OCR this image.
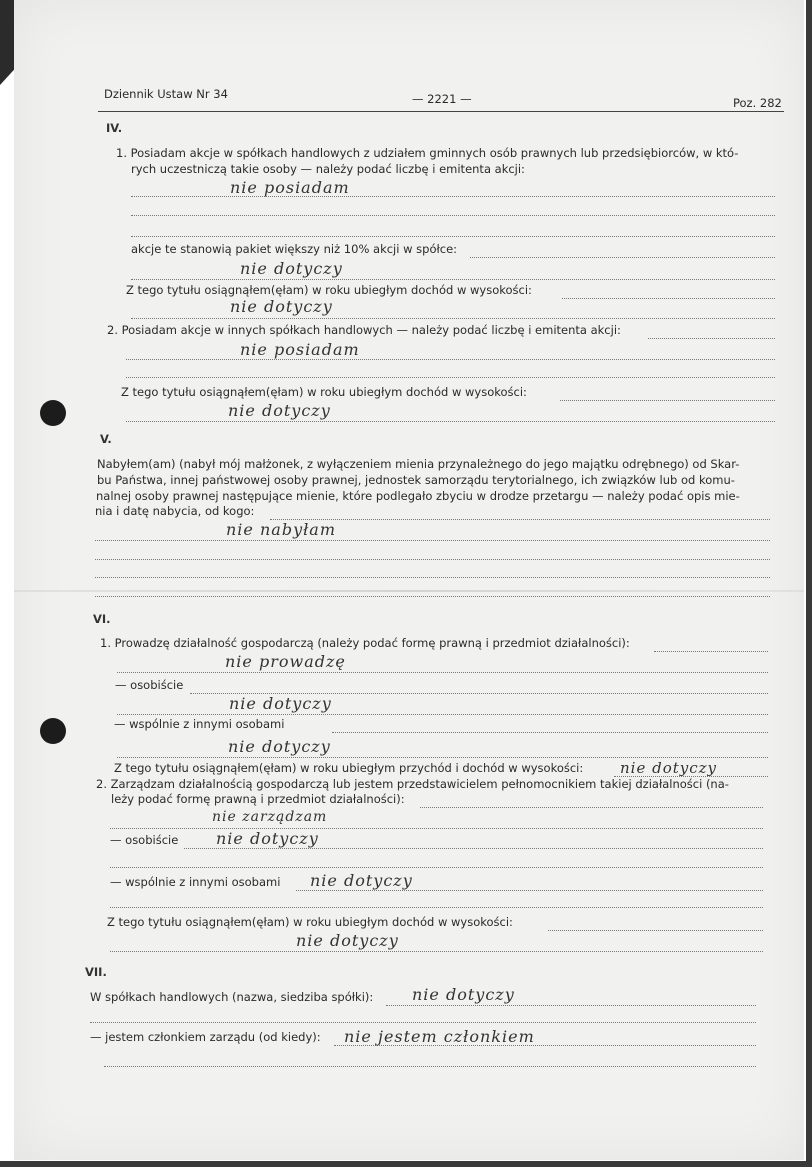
Dziennik Ustaw Nr 34	— 2221 —	Poz. 282
IV.
1. Posiadam akcje w spółkach handlowych z udziałem gminnych osób prawnych lub przedsiębiorców, w któ-
rych uczestniczą takie osoby — należy podać liczbę i emitenta akcji:
nie posiadam
akcje te stanowią pakiet większy niż 10% akcji w spółce:
nie dotyczy
Z tego tytułu osiągnąłem(ęłam) w roku ubiegłym dochód w wysokości:
nie dotyczy
2. Posiadam akcje w innych spółkach handlowych — należy podać liczbę i emitenta akcji:
nie posiadam
Z tego tytułu osiągnąłem(ęłam) w roku ubiegłym dochód w wysokości:
nie dotyczy
V.
Nabyłem(am) (nabył mój małżonek, z wyłączeniem mienia przynależnego do jego majątku odrębnego) od Skar-
bu Państwa, innej państwowej osoby prawnej, jednostek samorządu terytorialnego, ich związków lub od komu-
nalnej osoby prawnej następujące mienie, które podlegało zbyciu w drodze przetargu — należy podać opis mie-
nia i datę nabycia, od kogo:
nie nabyłam
VI.
1. Prowadzę działalność gospodarczą (należy podać formę prawną i przedmiot działalności):
nie prowadzę
— osobiście
nie dotyczy
— wspólnie z innymi osobami
nie dotyczy
Z tego tytułu osiągnąłem(ęłam) w roku ubiegłym przychód i dochód w wysokości: nie dotyczy
2. Zarządzam działalnością gospodarczą lub jestem przedstawicielem pełnomocnikiem takiej działalności (na-
leży podać formę prawną i przedmiot działalności):
nie zarządzam
— osobiście nie dotyczy
— wspólnie z innymi osobami nie dotyczy
Z tego tytułu osiągnąłem(ęłam) w roku ubiegłym dochód w wysokości:
nie dotyczy
VII.
W spółkach handlowych (nazwa, siedziba spółki): nie dotyczy
— jestem członkiem zarządu (od kiedy): nie jestem członkiem
